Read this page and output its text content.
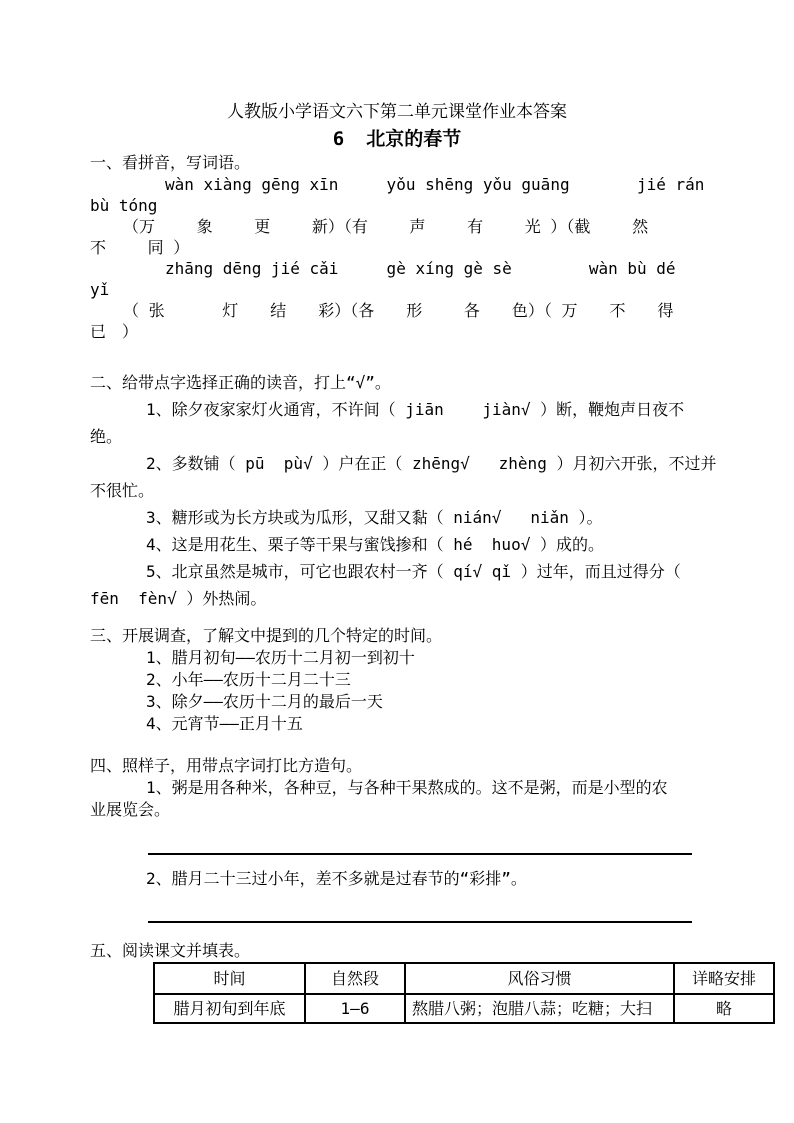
人教版小学语文六下第二单元课堂作业本答案
6 北京的春节
一、看拼音，写词语。
wàn xiàng gēng xīn     yǒu shēng yǒu guāng       jié rán
bù tóng
（万　　 象　　 更　　 新）（有　　 声　　 有　　 光 ）（截　　 然
不　　 同 ）
zhāng dēng jié cǎi     gè xíng gè sè        wàn bù dé
yǐ
（ 张　　　 灯　　结　　彩）（各　　形　　 各　　色）（ 万　　不　　得
已　）
二、给带点字选择正确的读音，打上“√”。
1、除夕夜家家灯火通宵，不许间（ jiān    jiàn√ ）断，鞭炮声日夜不
绝。
2、多数铺（ pū  pù√ ）户在正（ zhēng√   zhèng ）月初六开张，不过并
不很忙。
3、糖形或为长方块或为瓜形，又甜又黏（ nián√   niǎn ）。
4、这是用花生、栗子等干果与蜜饯掺和（ hé  huo√ ）成的。
5、北京虽然是城市，可它也跟农村一齐（ qí√ qǐ ）过年，而且过得分（
fēn  fèn√ ）外热闹。
三、开展调查，了解文中提到的几个特定的时间。
1、腊月初旬——农历十二月初一到初十
2、小年——农历十二月二十三
3、除夕——农历十二月的最后一天
4、元宵节——正月十五
四、照样子，用带点字词打比方造句。
1、粥是用各种米，各种豆，与各种干果熬成的。这不是粥，而是小型的农
业展览会。
2、腊月二十三过小年，差不多就是过春节的“彩排”。
五、阅读课文并填表。
时间	自然段	风俗习惯	详略安排
腊月初旬到年底	1—6	熬腊八粥；泡腊八蒜；吃糖；大扫	略
